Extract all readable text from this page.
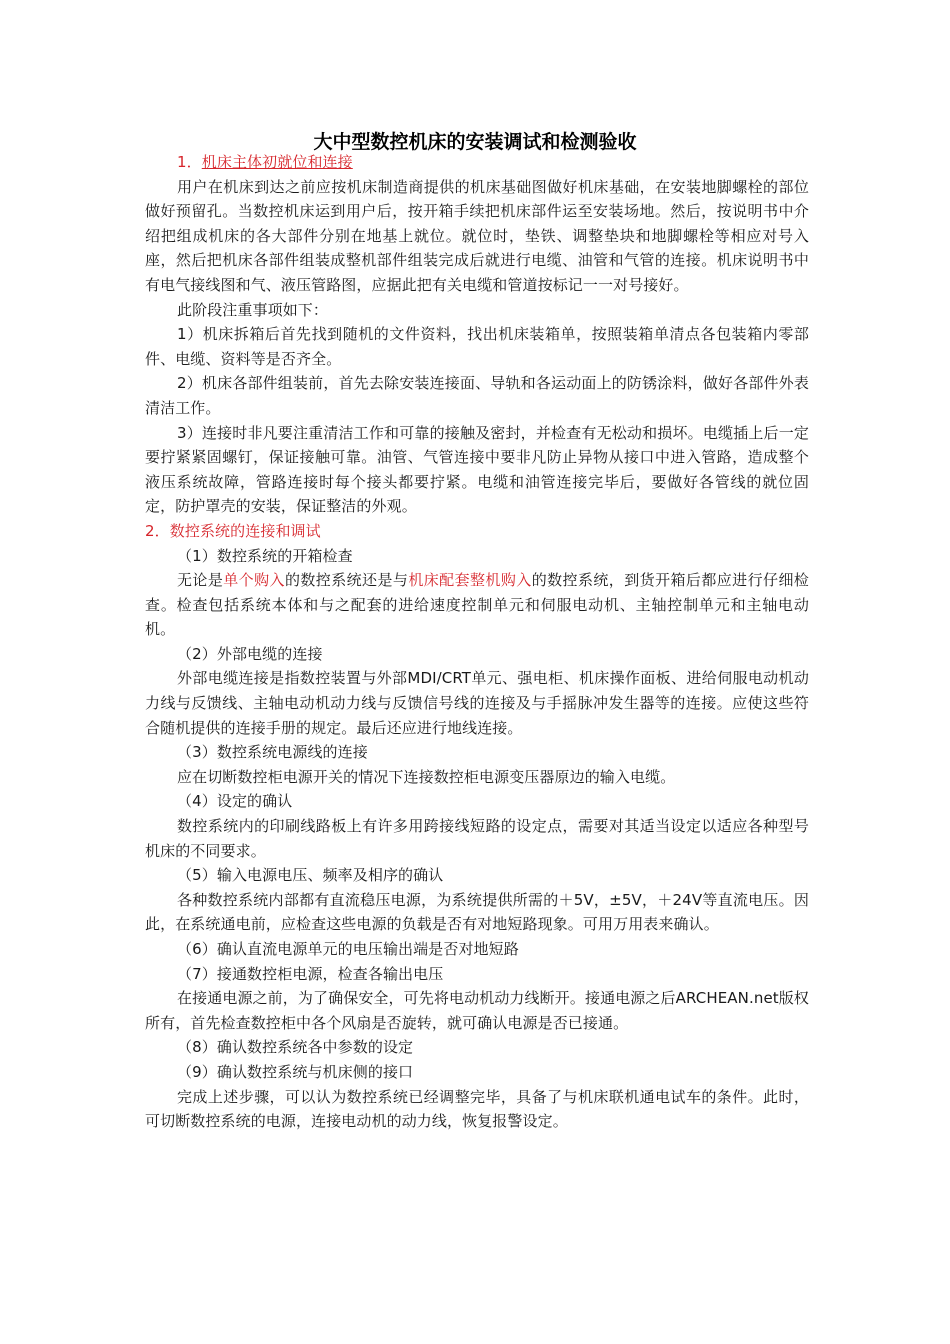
大中型数控机床的安装调试和检测验收

1．机床主体初就位和连接

用户在机床到达之前应按机床制造商提供的机床基础图做好机床基础，在安装地脚螺栓的部位做好预留孔。当数控机床运到用户后，按开箱手续把机床部件运至安装场地。然后，按说明书中介绍把组成机床的各大部件分别在地基上就位。就位时，垫铁、调整垫块和地脚螺栓等相应对号入座，然后把机床各部件组装成整机部件组装完成后就进行电缆、油管和气管的连接。机床说明书中有电气接线图和气、液压管路图，应据此把有关电缆和管道按标记一一对号接好。

此阶段注重事项如下：

1）机床拆箱后首先找到随机的文件资料，找出机床装箱单，按照装箱单清点各包装箱内零部件、电缆、资料等是否齐全。

2）机床各部件组装前，首先去除安装连接面、导轨和各运动面上的防锈涂料，做好各部件外表清洁工作。

3）连接时非凡要注重清洁工作和可靠的接触及密封，并检查有无松动和损坏。电缆插上后一定要拧紧紧固螺钉，保证接触可靠。油管、气管连接中要非凡防止异物从接口中进入管路，造成整个液压系统故障，管路连接时每个接头都要拧紧。电缆和油管连接完毕后，要做好各管线的就位固定，防护罩壳的安装，保证整洁的外观。

2．数控系统的连接和调试

（1）数控系统的开箱检查

无论是单个购入的数控系统还是与机床配套整机购入的数控系统，到货开箱后都应进行仔细检查。检查包括系统本体和与之配套的进给速度控制单元和伺服电动机、主轴控制单元和主轴电动机。

（2）外部电缆的连接

外部电缆连接是指数控装置与外部MDI/CRT单元、强电柜、机床操作面板、进给伺服电动机动力线与反馈线、主轴电动机动力线与反馈信号线的连接及与手摇脉冲发生器等的连接。应使这些符合随机提供的连接手册的规定。最后还应进行地线连接。

（3）数控系统电源线的连接

应在切断数控柜电源开关的情况下连接数控柜电源变压器原边的输入电缆。

（4）设定的确认

数控系统内的印刷线路板上有许多用跨接线短路的设定点，需要对其适当设定以适应各种型号机床的不同要求。

（5）输入电源电压、频率及相序的确认

各种数控系统内部都有直流稳压电源，为系统提供所需的＋5V，±5V，＋24V等直流电压。因此，在系统通电前，应检查这些电源的负载是否有对地短路现象。可用万用表来确认。

（6）确认直流电源单元的电压输出端是否对地短路

（7）接通数控柜电源，检查各输出电压

在接通电源之前，为了确保安全，可先将电动机动力线断开。接通电源之后ARCHEAN.net版权所有，首先检查数控柜中各个风扇是否旋转，就可确认电源是否已接通。

（8）确认数控系统各中参数的设定

（9）确认数控系统与机床侧的接口

完成上述步骤，可以认为数控系统已经调整完毕，具备了与机床联机通电试车的条件。此时，可切断数控系统的电源，连接电动机的动力线，恢复报警设定。
